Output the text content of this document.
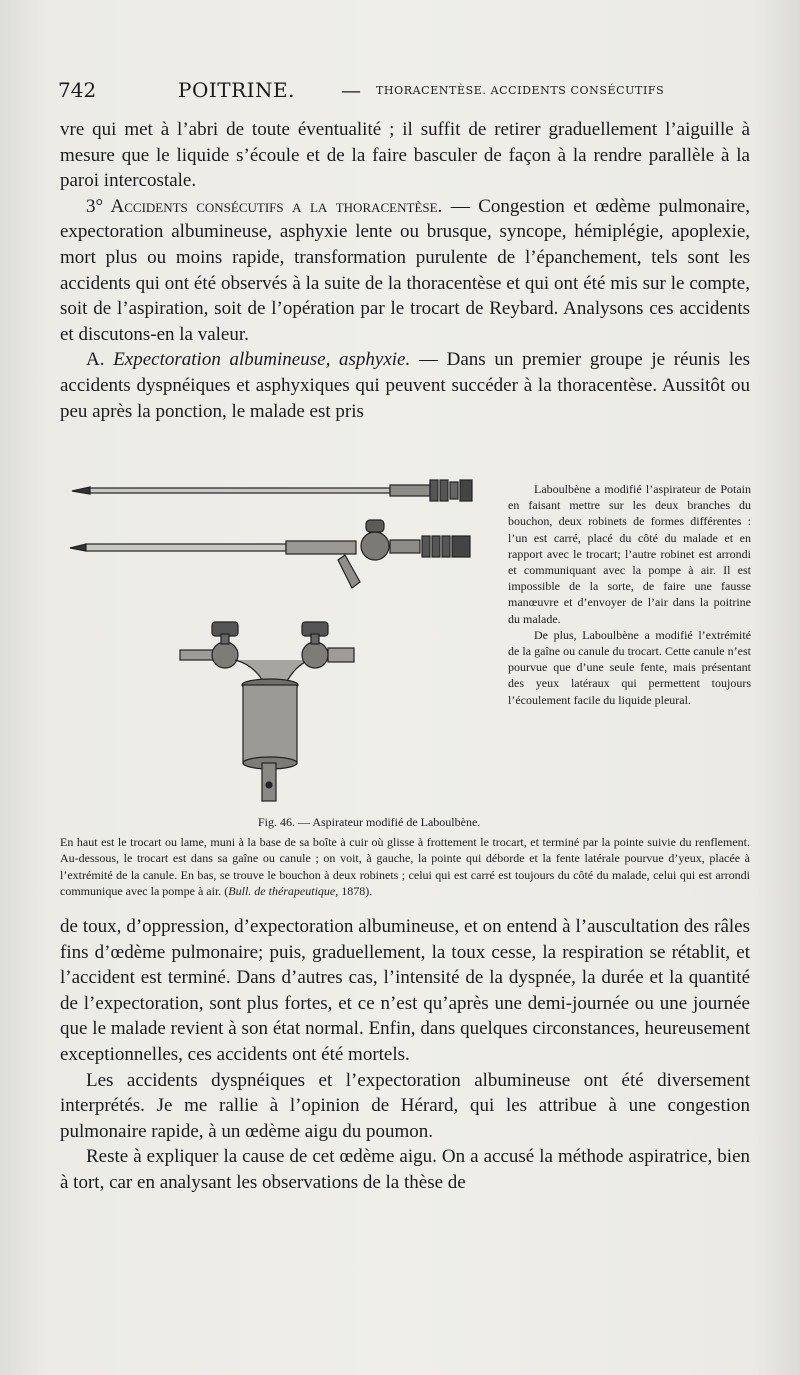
742	POITRINE. — THORACENTÈSE. ACCIDENTS CONSÉCUTIFS

vre qui met à l’abri de toute éventualité ; il suffit de retirer graduellement l’aiguille à mesure que le liquide s’écoule et de la faire basculer de façon à la rendre parallèle à la paroi intercostale.

3° Accidents consécutifs a la thoracentèse. — Congestion et œdème pulmonaire, expectoration albumineuse, asphyxie lente ou brusque, syncope, hémiplégie, apoplexie, mort plus ou moins rapide, transformation purulente de l’épanchement, tels sont les accidents qui ont été observés à la suite de la thoracentèse et qui ont été mis sur le compte, soit de l’aspiration, soit de l’opération par le trocart de Reybard. Analysons ces accidents et discutons-en la valeur.

A. Expectoration albumineuse, asphyxie. — Dans un premier groupe je réunis les accidents dyspnéiques et asphyxiques qui peuvent succéder à la thoracentèse. Aussitôt ou peu après la ponction, le malade est pris

Laboulbène a modifié l’aspirateur de Potain en faisant mettre sur les deux branches du bouchon, deux robinets de formes différentes : l’un est carré, placé du côté du malade et en rapport avec le trocart; l’autre robinet est arrondi et communiquant avec la pompe à air. Il est impossible de la sorte, de faire une fausse manœuvre et d’envoyer de l’air dans la poitrine du malade.

De plus, Laboulbène a modifié l’extrémité de la gaîne ou canule du trocart. Cette canule n’est pourvue que d’une seule fente, mais présentant des yeux latéraux qui permettent toujours l’écoulement facile du liquide pleural.

Fig. 46. — Aspirateur modifié de Laboulbène.
En haut est le trocart ou lame, muni à la base de sa boîte à cuir où glisse à frottement le trocart, et terminé par la pointe suivie du renflement. Au-dessous, le trocart est dans sa gaîne ou canule ; on voit, à gauche, la pointe qui déborde et la fente latérale pourvue d’yeux, placée à l’extrémité de la canule. En bas, se trouve le bouchon à deux robinets ; celui qui est carré est toujours du côté du malade, celui qui est arrondi communique avec la pompe à air. (Bull. de thérapeutique, 1878).

de toux, d’oppression, d’expectoration albumineuse, et on entend à l’auscultation des râles fins d’œdème pulmonaire; puis, graduellement, la toux cesse, la respiration se rétablit, et l’accident est terminé. Dans d’autres cas, l’intensité de la dyspnée, la durée et la quantité de l’expectoration, sont plus fortes, et ce n’est qu’après une demi-journée ou une journée que le malade revient à son état normal. Enfin, dans quelques circonstances, heureusement exceptionnelles, ces accidents ont été mortels.

Les accidents dyspnéiques et l’expectoration albumineuse ont été diversement interprétés. Je me rallie à l’opinion de Hérard, qui les attribue à une congestion pulmonaire rapide, à un œdème aigu du poumon.

Reste à expliquer la cause de cet œdème aigu. On a accusé la méthode aspiratrice, bien à tort, car en analysant les observations de la thèse de
